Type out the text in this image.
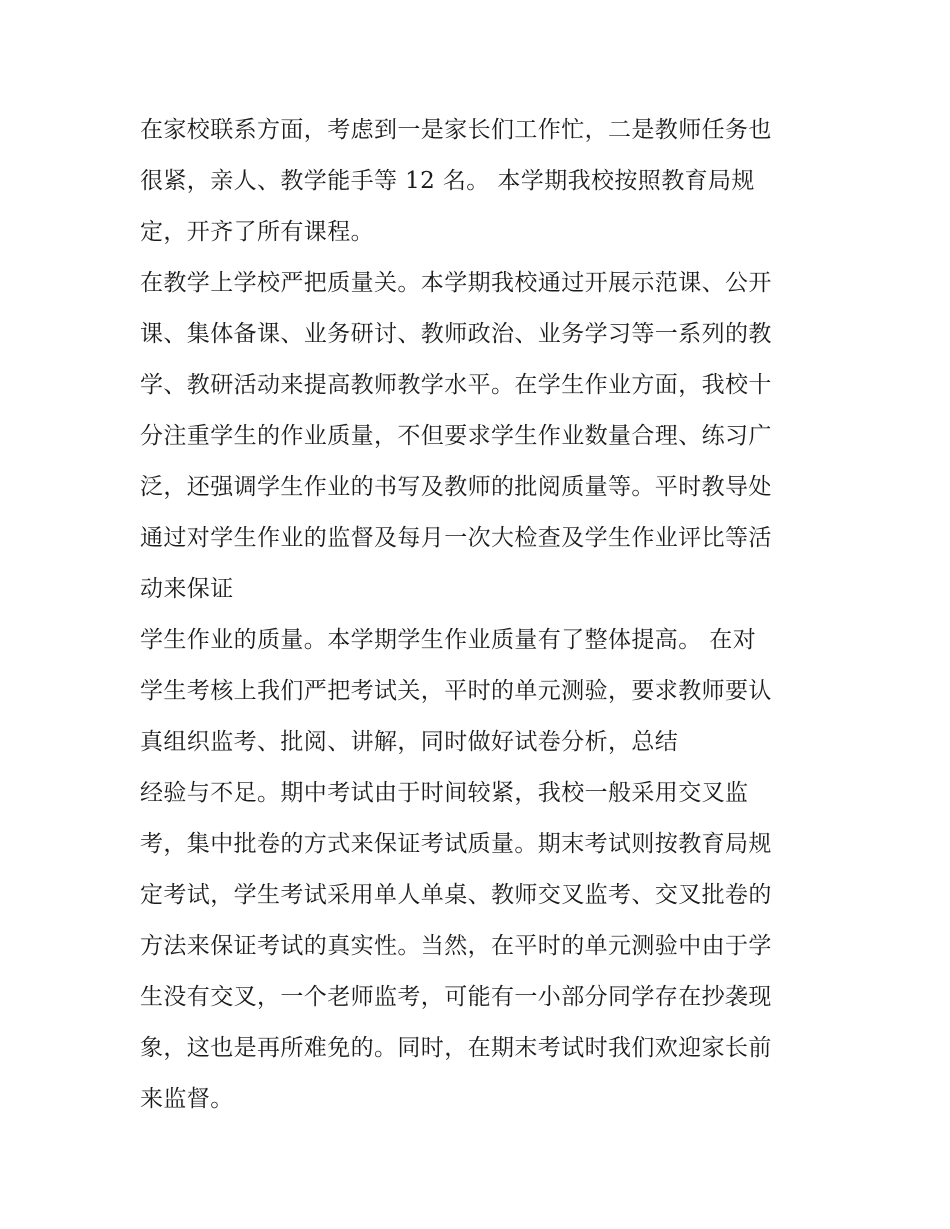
在家校联系方面，考虑到一是家长们工作忙，二是教师任务也
很紧，亲人、教学能手等 12 名。 本学期我校按照教育局规
定，开齐了所有课程。
在教学上学校严把质量关。本学期我校通过开展示范课、公开
课、集体备课、业务研讨、教师政治、业务学习等一系列的教
学、教研活动来提高教师教学水平。在学生作业方面，我校十
分注重学生的作业质量，不但要求学生作业数量合理、练习广
泛，还强调学生作业的书写及教师的批阅质量等。平时教导处
通过对学生作业的监督及每月一次大检查及学生作业评比等活
动来保证
学生作业的质量。本学期学生作业质量有了整体提高。 在对
学生考核上我们严把考试关，平时的单元测验，要求教师要认
真组织监考、批阅、讲解，同时做好试卷分析，总结
经验与不足。期中考试由于时间较紧，我校一般采用交叉监
考，集中批卷的方式来保证考试质量。期末考试则按教育局规
定考试，学生考试采用单人单桌、教师交叉监考、交叉批卷的
方法来保证考试的真实性。当然，在平时的单元测验中由于学
生没有交叉，一个老师监考，可能有一小部分同学存在抄袭现
象，这也是再所难免的。同时，在期末考试时我们欢迎家长前
来监督。
